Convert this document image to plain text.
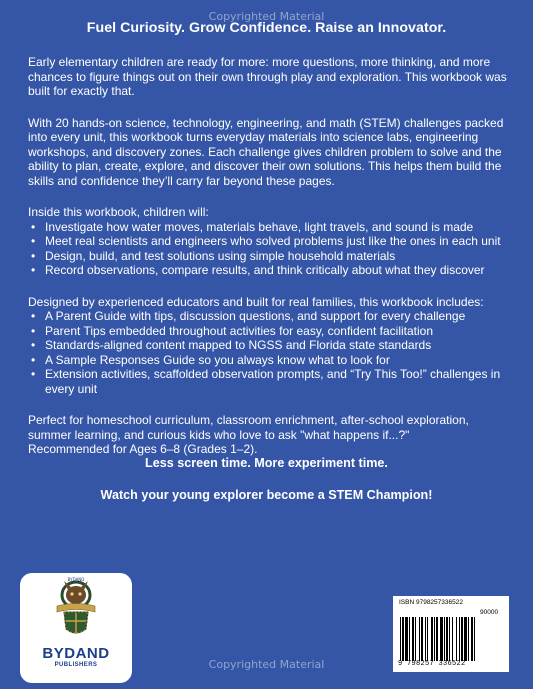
Copyrighted Material
Fuel Curiosity. Grow Confidence. Raise an Innovator.

Early elementary children are ready for more: more questions, more thinking, and more chances to figure things out on their own through play and exploration. This workbook was built for exactly that.

With 20 hands-on science, technology, engineering, and math (STEM) challenges packed into every unit, this workbook turns everyday materials into science labs, engineering workshops, and discovery zones. Each challenge gives children problem to solve and the ability to plan, create, explore, and discover their own solutions. This helps them build the skills and confidence they’ll carry far beyond these pages.

Inside this workbook, children will:
• Investigate how water moves, materials behave, light travels, and sound is made
• Meet real scientists and engineers who solved problems just like the ones in each unit
• Design, build, and test solutions using simple household materials
• Record observations, compare results, and think critically about what they discover
Designed by experienced educators and built for real families, this workbook includes:
• A Parent Guide with tips, discussion questions, and support for every challenge
• Parent Tips embedded throughout activities for easy, confident facilitation
• Standards-aligned content mapped to NGSS and Florida state standards
• A Sample Responses Guide so you always know what to look for
• Extension activities, scaffolded observation prompts, and “Try This Too!” challenges in every unit
Perfect for homeschool curriculum, classroom enrichment, after-school exploration, summer learning, and curious kids who love to ask "what happens if...?"
Recommended for Ages 6–8 (Grades 1–2).
Less screen time. More experiment time.
Watch your young explorer become a STEM Champion!
BYDAND
BYDAND
PUBLISHERS
ISBN 9798257336522
90000
9 798257 336522
Copyrighted Material
